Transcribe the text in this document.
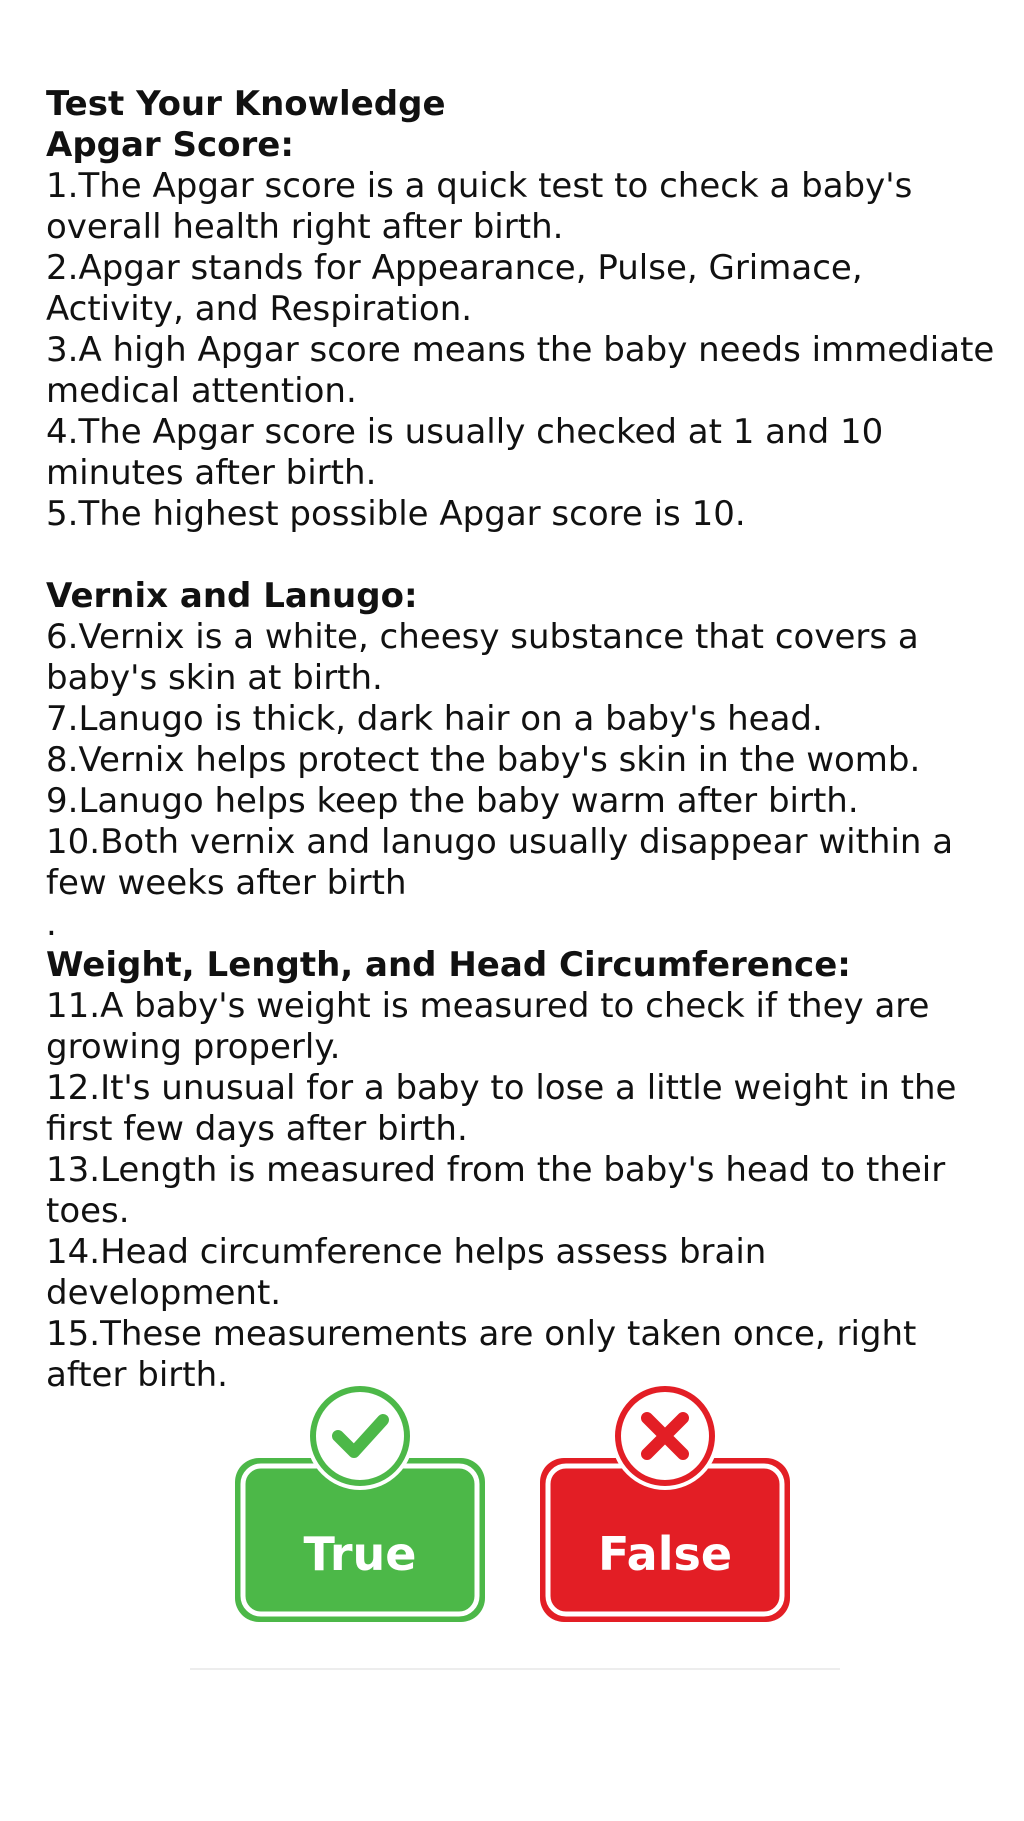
Test Your Knowledge
Apgar Score:
1.The Apgar score is a quick test to check a baby's overall health right after birth.
2.Apgar stands for Appearance, Pulse, Grimace, Activity, and Respiration.
3.A high Apgar score means the baby needs immediate medical attention.
4.The Apgar score is usually checked at 1 and 10 minutes after birth.
5.The highest possible Apgar score is 10.
Vernix and Lanugo:
6.Vernix is a white, cheesy substance that covers a baby's skin at birth.
7.Lanugo is thick, dark hair on a baby's head.
8.Vernix helps protect the baby's skin in the womb.
9.Lanugo helps keep the baby warm after birth.
10.Both vernix and lanugo usually disappear within a few weeks after birth
.
Weight, Length, and Head Circumference:
11.A baby's weight is measured to check if they are growing properly.
12.It's unusual for a baby to lose a little weight in the first few days after birth.
13.Length is measured from the baby's head to their toes.
14.Head circumference helps assess brain development.
15.These measurements are only taken once, right after birth.
True	False
